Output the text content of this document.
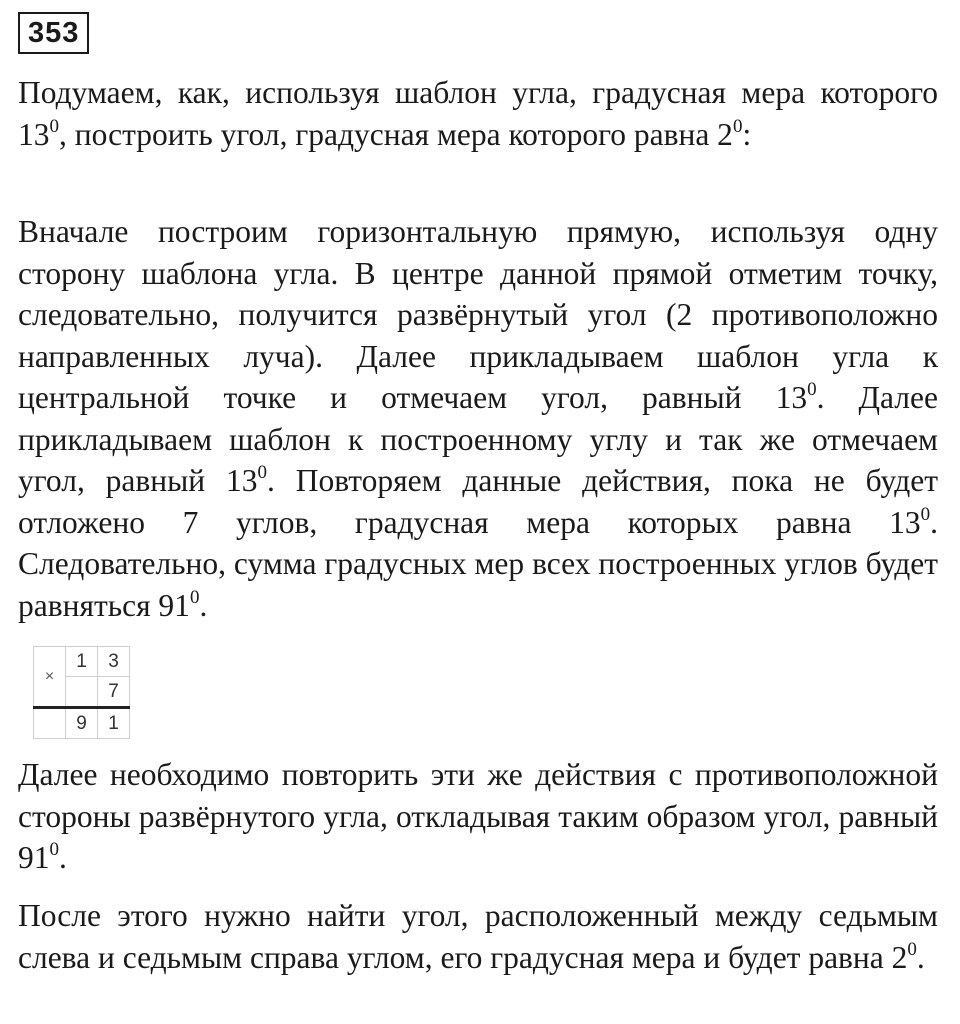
353
Подумаем, как, используя шаблон угла, градусная мера которого $13^0$, построить угол, градусная мера которого равна $2^0$:
Вначале построим горизонтальную прямую, используя одну сторону шаблона угла. В центре данной прямой отметим точку, следовательно, получится развёрнутый угол (2 противоположно направленных луча). Далее прикладываем шаблон угла к центральной точке и отмечаем угол, равный $13^0$. Далее прикладываем шаблон к построенному углу и так же отмечаем угол, равный $13^0$. Повторяем данные действия, пока не будет отложено 7 углов, градусная мера которых равна $13^0$. Следовательно, сумма градусных мер всех построенных углов будет равняться $91^0$.
×	1	3
		7
	9	1
Далее необходимо повторить эти же действия с противоположной стороны развёрнутого угла, откладывая таким образом угол, равный $91^0$.
После этого нужно найти угол, расположенный между седьмым слева и седьмым справа углом, его градусная мера и будет равна $2^0$.
